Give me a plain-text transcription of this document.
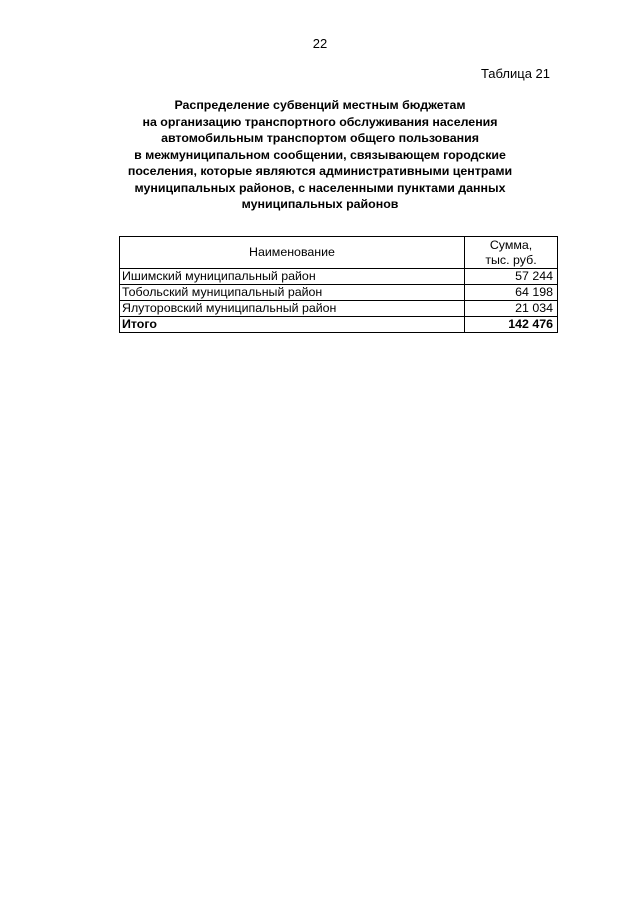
22
Таблица 21
Распределение субвенций местным бюджетам
на организацию транспортного обслуживания населения
автомобильным транспортом общего пользования
в межмуниципальном сообщении, связывающем городские
поселения, которые являются административными центрами
муниципальных районов, с населенными пунктами данных
муниципальных районов
Наименование	Сумма,
тыс. руб.
Ишимский муниципальный район	57 244
Тобольский муниципальный район	64 198
Ялуторовский муниципальный район	21 034
Итого	142 476
